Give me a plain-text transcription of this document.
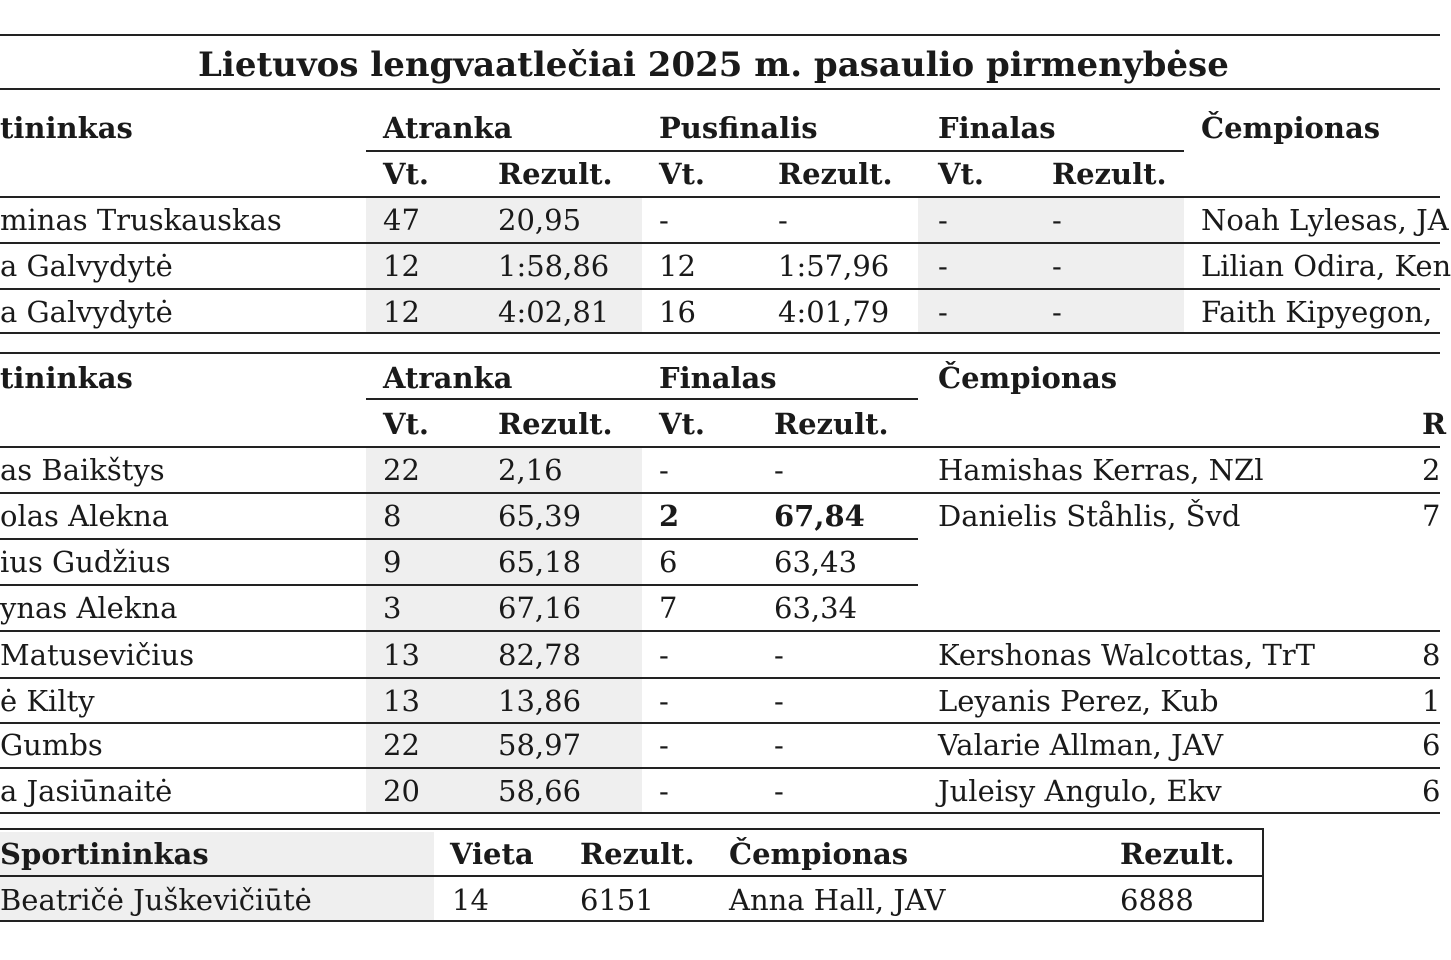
Lietuvos lengvaatlečiai 2025 m. pasaulio pirmenybėse
tininkas	Atranka	Pusfinalis	Finalas	Čempionas
Vt. Rezult. Vt.	Rezult. Vt. Rezult.
minas Truskauskas	47	20,95	-	-	-	-	Noah Lylesas, JA
a Galvydytė	12	1:58,86 12	1:57,96 -	-	Lilian Odira, Ken
a Galvydytė	12	4:02,81 16	4:01,79 -	-	Faith Kipyegon,
tininkas	Atranka	Finalas	Čempionas
Vt. Rezult. Vt. Rezult.	R
as Baikštys	22	2,16	-	-	Hamishas Kerras, NZl	2
olas Alekna	8	65,39	2	67,84	Danielis Ståhlis, Švd	7
ius Gudžius	9	65,18	6	63,43
ynas Alekna	3	67,16	7	63,34
Matusevičius	13	82,78	-	-	Kershonas Walcottas, TrT	8
ė Kilty	13	13,86	-	-	Leyanis Perez, Kub	1
Gumbs	22	58,97	-	-	Valarie Allman, JAV	6
a Jasiūnaitė	20	58,66	-	-	Juleisy Angulo, Ekv	6
Sportininkas	Vieta Rezult. Čempionas	Rezult.
Beatričė Juškevičiūtė	14	6151	Anna Hall, JAV	6888
